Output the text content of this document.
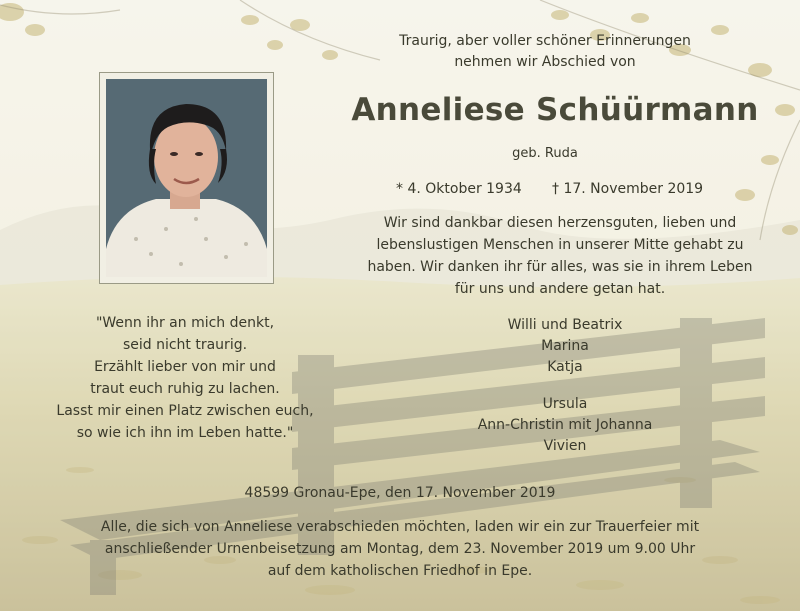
Traurig, aber voller schöner Erinnerungen
nehmen wir Abschied von
Anneliese Schüürmann
geb. Ruda
* 4. Oktober 1934	† 17. November 2019
Wir sind dankbar diesen herzensguten, lieben und
lebenslustigen Menschen in unserer Mitte gehabt zu
haben. Wir danken ihr für alles, was sie in ihrem Leben
für uns und andere getan hat.
"Wenn ihr an mich denkt,
seid nicht traurig.
Erzählt lieber von mir und
traut euch ruhig zu lachen.
Lasst mir einen Platz zwischen euch,
so wie ich ihn im Leben hatte."
Willi und Beatrix
Marina
Katja
Ursula
Ann-Christin mit Johanna
Vivien
48599 Gronau-Epe, den 17. November 2019
Alle, die sich von Anneliese verabschieden möchten, laden wir ein zur Trauerfeier mit
anschließender Urnenbeisetzung am Montag, dem 23. November 2019 um 9.00 Uhr
auf dem katholischen Friedhof in Epe.
